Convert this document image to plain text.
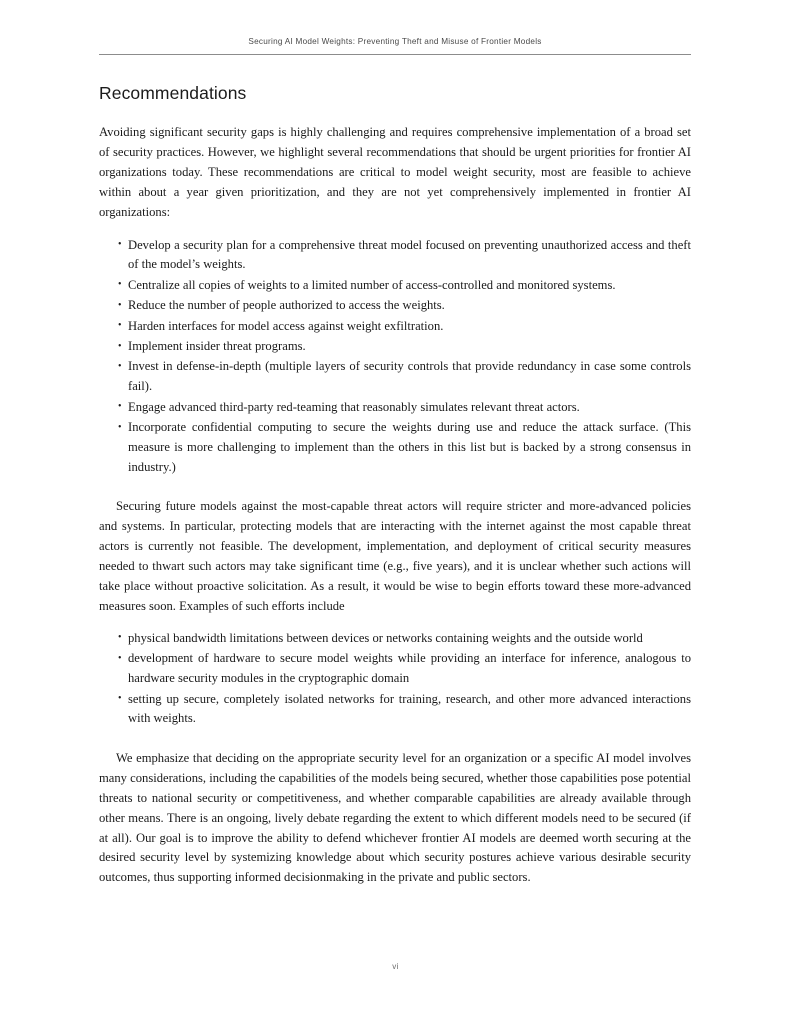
Securing AI Model Weights: Preventing Theft and Misuse of Frontier Models
Recommendations

Avoiding significant security gaps is highly challenging and requires comprehensive implementation of a broad set of security practices. However, we highlight several recommendations that should be urgent priorities for frontier AI organizations today. These recommendations are critical to model weight security, most are feasible to achieve within about a year given prioritization, and they are not yet comprehensively implemented in frontier AI organizations:

• Develop a security plan for a comprehensive threat model focused on preventing unauthorized access and theft of the model’s weights.
• Centralize all copies of weights to a limited number of access-controlled and monitored systems.
• Reduce the number of people authorized to access the weights.
• Harden interfaces for model access against weight exfiltration.
• Implement insider threat programs.
• Invest in defense-in-depth (multiple layers of security controls that provide redundancy in case some controls fail).
• Engage advanced third-party red-teaming that reasonably simulates relevant threat actors.
• Incorporate confidential computing to secure the weights during use and reduce the attack surface. (This measure is more challenging to implement than the others in this list but is backed by a strong consensus in industry.)

Securing future models against the most-capable threat actors will require stricter and more-advanced policies and systems. In particular, protecting models that are interacting with the internet against the most capable threat actors is currently not feasible. The development, implementation, and deployment of critical security measures needed to thwart such actors may take significant time (e.g., five years), and it is unclear whether such actions will take place without proactive solicitation. As a result, it would be wise to begin efforts toward these more-advanced measures soon. Examples of such efforts include

• physical bandwidth limitations between devices or networks containing weights and the outside world
• development of hardware to secure model weights while providing an interface for inference, analogous to hardware security modules in the cryptographic domain
• setting up secure, completely isolated networks for training, research, and other more advanced interactions with weights.

We emphasize that deciding on the appropriate security level for an organization or a specific AI model involves many considerations, including the capabilities of the models being secured, whether those capabilities pose potential threats to national security or competitiveness, and whether comparable capabilities are already available through other means. There is an ongoing, lively debate regarding the extent to which different models need to be secured (if at all). Our goal is to improve the ability to defend whichever frontier AI models are deemed worth securing at the desired security level by systemizing knowledge about which security postures achieve various desirable security outcomes, thus supporting informed decisionmaking in the private and public sectors.

vi
